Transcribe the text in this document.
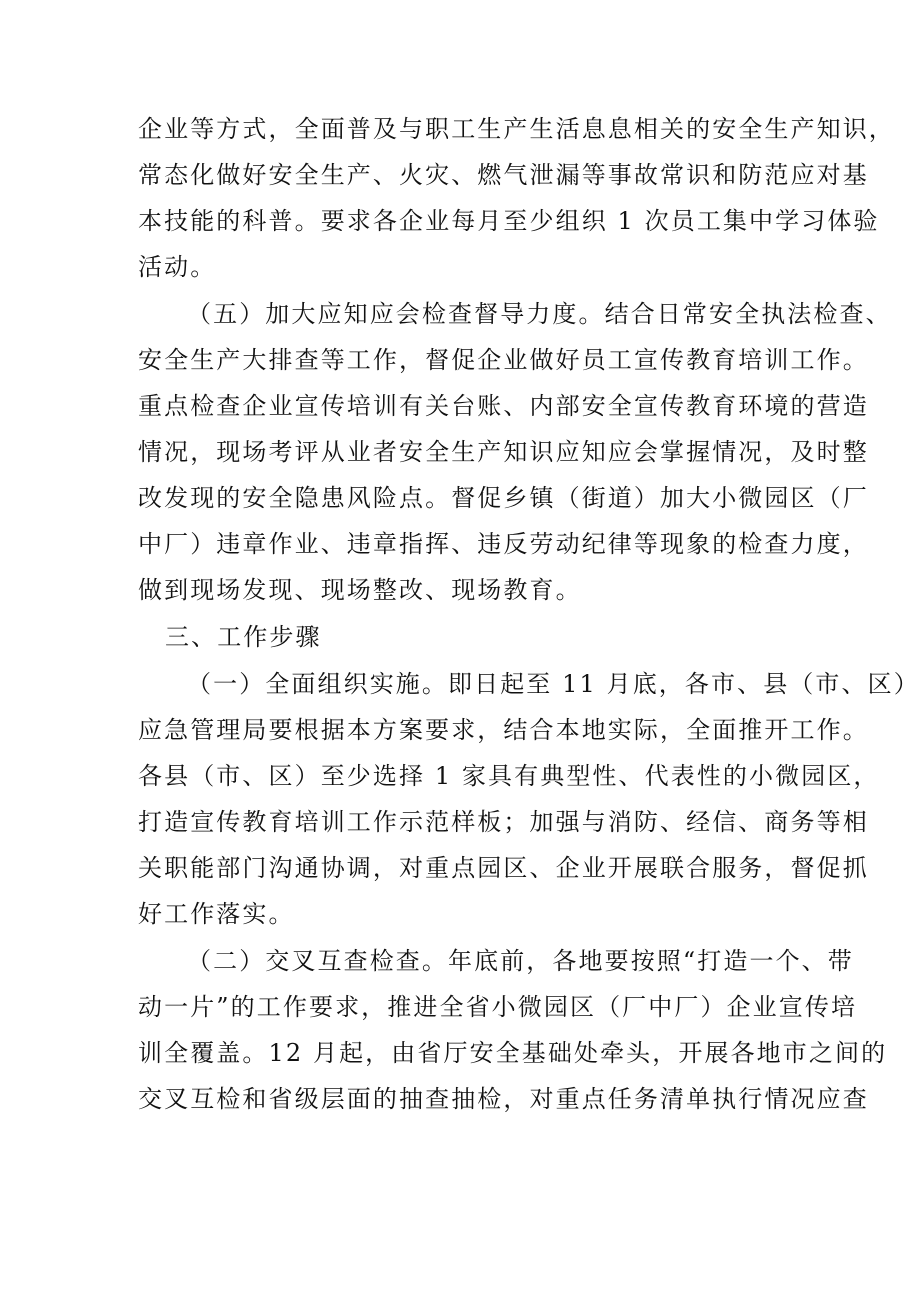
企业等方式，全面普及与职工生产生活息息相关的安全生产知识，
常态化做好安全生产、火灾、燃气泄漏等事故常识和防范应对基
本技能的科普。要求各企业每月至少组织 1 次员工集中学习体验
活动。
（五）加大应知应会检查督导力度。结合日常安全执法检查、
安全生产大排查等工作，督促企业做好员工宣传教育培训工作。
重点检查企业宣传培训有关台账、内部安全宣传教育环境的营造
情况，现场考评从业者安全生产知识应知应会掌握情况，及时整
改发现的安全隐患风险点。督促乡镇（街道）加大小微园区（厂
中厂）违章作业、违章指挥、违反劳动纪律等现象的检查力度，
做到现场发现、现场整改、现场教育。
三、工作步骤
（一）全面组织实施。即日起至 11 月底，各市、县（市、区）
应急管理局要根据本方案要求，结合本地实际，全面推开工作。
各县（市、区）至少选择 1 家具有典型性、代表性的小微园区，
打造宣传教育培训工作示范样板；加强与消防、经信、商务等相
关职能部门沟通协调，对重点园区、企业开展联合服务，督促抓
好工作落实。
（二）交叉互查检查。年底前，各地要按照“打造一个、带
动一片”的工作要求，推进全省小微园区（厂中厂）企业宣传培
训全覆盖。12 月起，由省厅安全基础处牵头，开展各地市之间的
交叉互检和省级层面的抽查抽检，对重点任务清单执行情况应查
